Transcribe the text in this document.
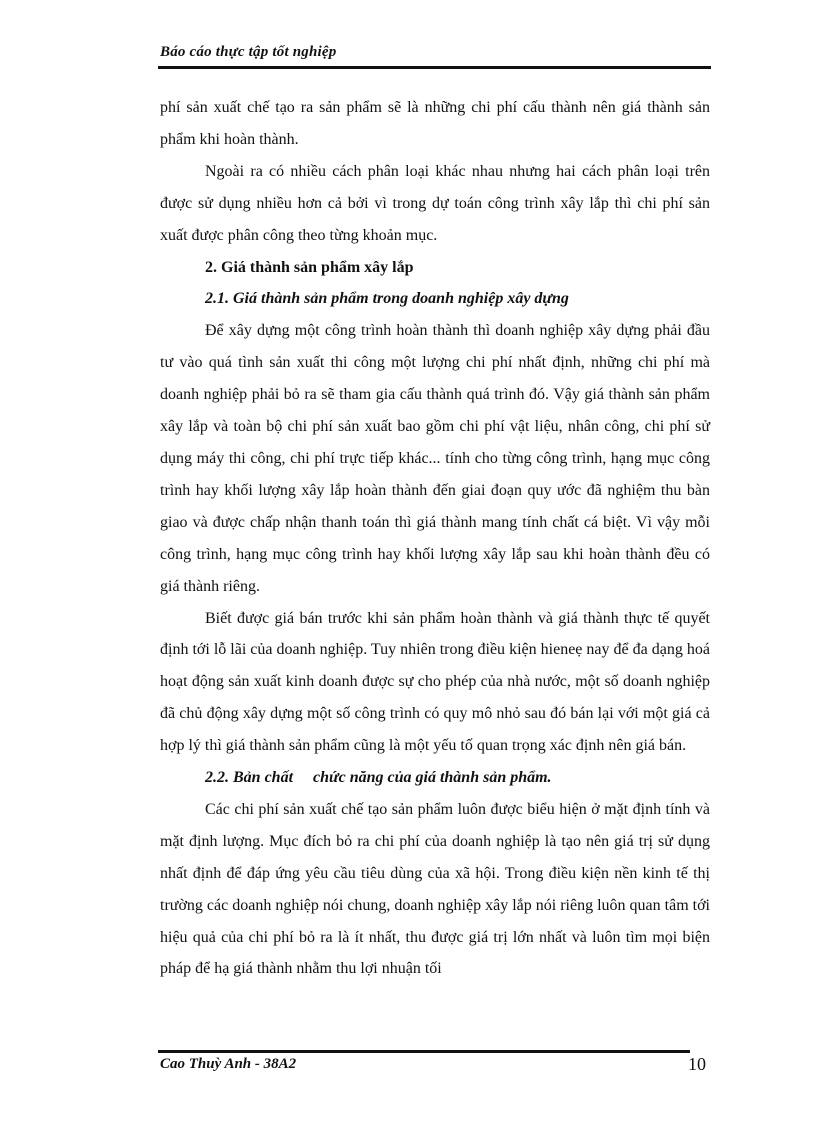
Báo cáo thực tập tốt nghiệp

phí sản xuất chế tạo ra sản phẩm sẽ là những chi phí cấu thành nên giá thành sản phẩm khi hoàn thành.

Ngoài ra có nhiều cách phân loại khác nhau nhưng hai cách phân loại trên được sử dụng nhiều hơn cả bởi vì trong dự toán công trình xây lắp thì chi phí sản xuất được phân công theo từng khoản mục.

2. Giá thành sản phẩm xây lắp

2.1. Giá thành sản phẩm trong doanh nghiệp xây dựng

Để xây dựng một công trình hoàn thành thì doanh nghiệp xây dựng phải đầu tư vào quá tình sản xuất thi công một lượng chi phí nhất định, những chi phí mà doanh nghiệp phải bỏ ra sẽ tham gia cấu thành quá trình đó. Vậy giá thành sản phẩm xây lắp và toàn bộ chi phí sản xuất bao gồm chi phí vật liệu, nhân công, chi phí sử dụng máy thi công, chi phí trực tiếp khác... tính cho từng công trình, hạng mục công trình hay khối lượng xây lắp hoàn thành đến giai đoạn quy ước đã nghiệm thu bàn giao và được chấp nhận thanh toán thì giá thành mang tính chất cá biệt. Vì vậy mỗi công trình, hạng mục công trình hay khối lượng xây lắp sau khi hoàn thành đều có giá thành riêng.

Biết được giá bán trước khi sản phẩm hoàn thành và giá thành thực tế quyết định tới lỗ lãi của doanh nghiệp. Tuy nhiên trong điều kiện hieneẹ nay để đa dạng hoá hoạt động sản xuất kinh doanh được sự cho phép của nhà nước, một số doanh nghiệp đã chủ động xây dựng một số công trình có quy mô nhỏ sau đó bán lại với một giá cả hợp lý thì giá thành sản phẩm cũng là một yếu tố quan trọng xác định nên giá bán.

2.2. Bản chất     chức năng của giá thành sản phẩm.

Các chi phí sản xuất chế tạo sản phẩm luôn được biểu hiện ở mặt định tính và mặt định lượng. Mục đích bỏ ra chi phí của doanh nghiệp là tạo nên giá trị sử dụng nhất định để đáp ứng yêu cầu tiêu dùng của xã hội. Trong điều kiện nền kinh tế thị trường các doanh nghiệp nói chung, doanh nghiệp xây lắp nói riêng luôn quan tâm tới hiệu quả của chi phí bỏ ra là ít nhất, thu được giá trị lớn nhất và luôn tìm mọi biện pháp để hạ giá thành nhằm thu lợi nhuận tối

Cao Thuỳ Anh - 38A2	10
